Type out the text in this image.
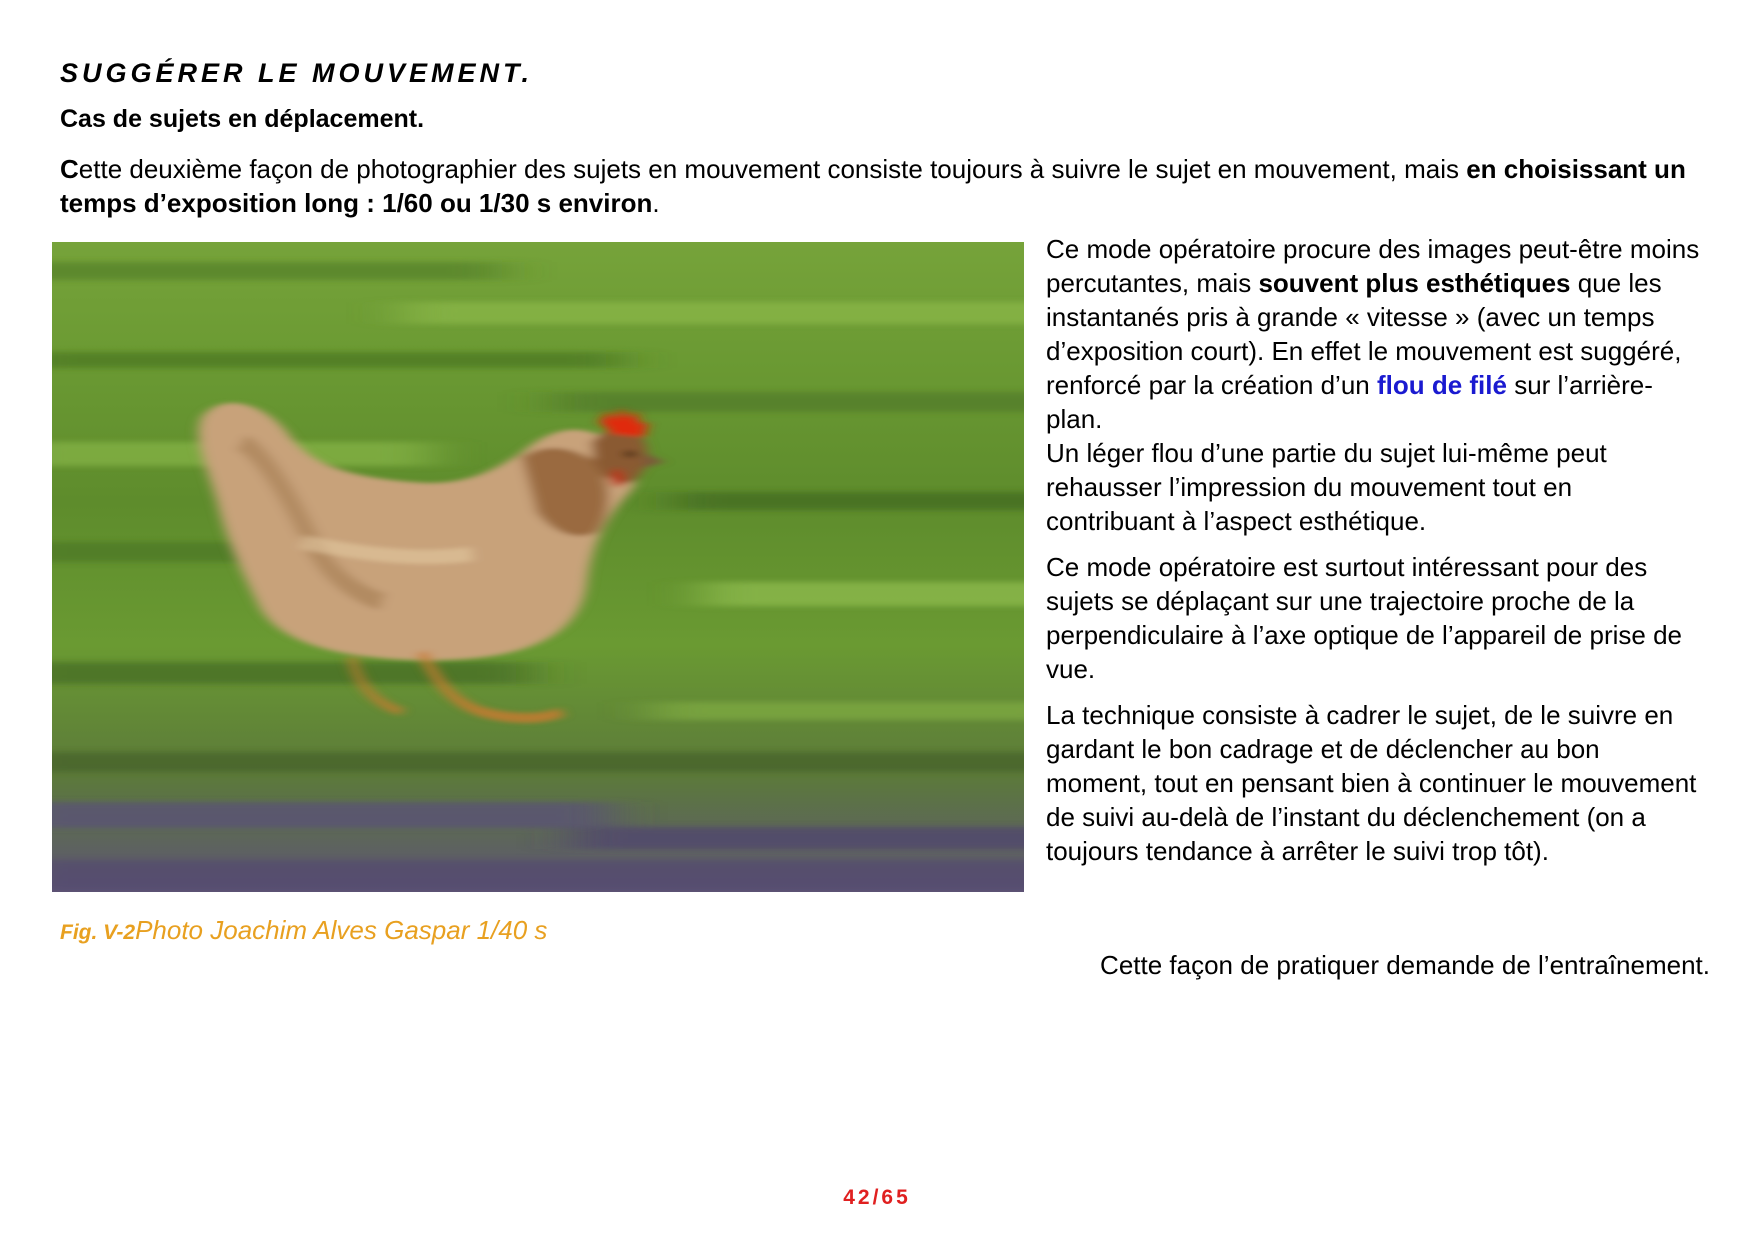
SUGGÉRER LE MOUVEMENT.
Cas de sujets en déplacement.

Cette deuxième façon de photographier des sujets en mouvement consiste toujours à suivre le sujet en mouvement, mais en choisissant un temps d’exposition long : 1/60 ou 1/30 s environ.

Fig. V-2Photo Joachim Alves Gaspar 1/40 s

Ce mode opératoire procure des images peut-être moins percutantes, mais souvent plus esthétiques que les instantanés pris à grande « vitesse » (avec un temps d’exposition court). En effet le mouvement est suggéré, renforcé par la création d’un flou de filé sur l’arrière-plan.
Un léger flou d’une partie du sujet lui-même peut rehausser l’impression du mouvement tout en contribuant à l’aspect esthétique.

Ce mode opératoire est surtout intéressant pour des sujets se déplaçant sur une trajectoire proche de la perpendiculaire à l’axe optique de l’appareil de prise de vue.

La technique consiste à cadrer le sujet, de le suivre en gardant le bon cadrage et de déclencher au bon moment, tout en pensant bien à continuer le mouvement de suivi au-delà de l’instant du déclenchement (on a toujours tendance à arrêter le suivi trop tôt).

Cette façon de pratiquer demande de l’entraînement.
42/65
